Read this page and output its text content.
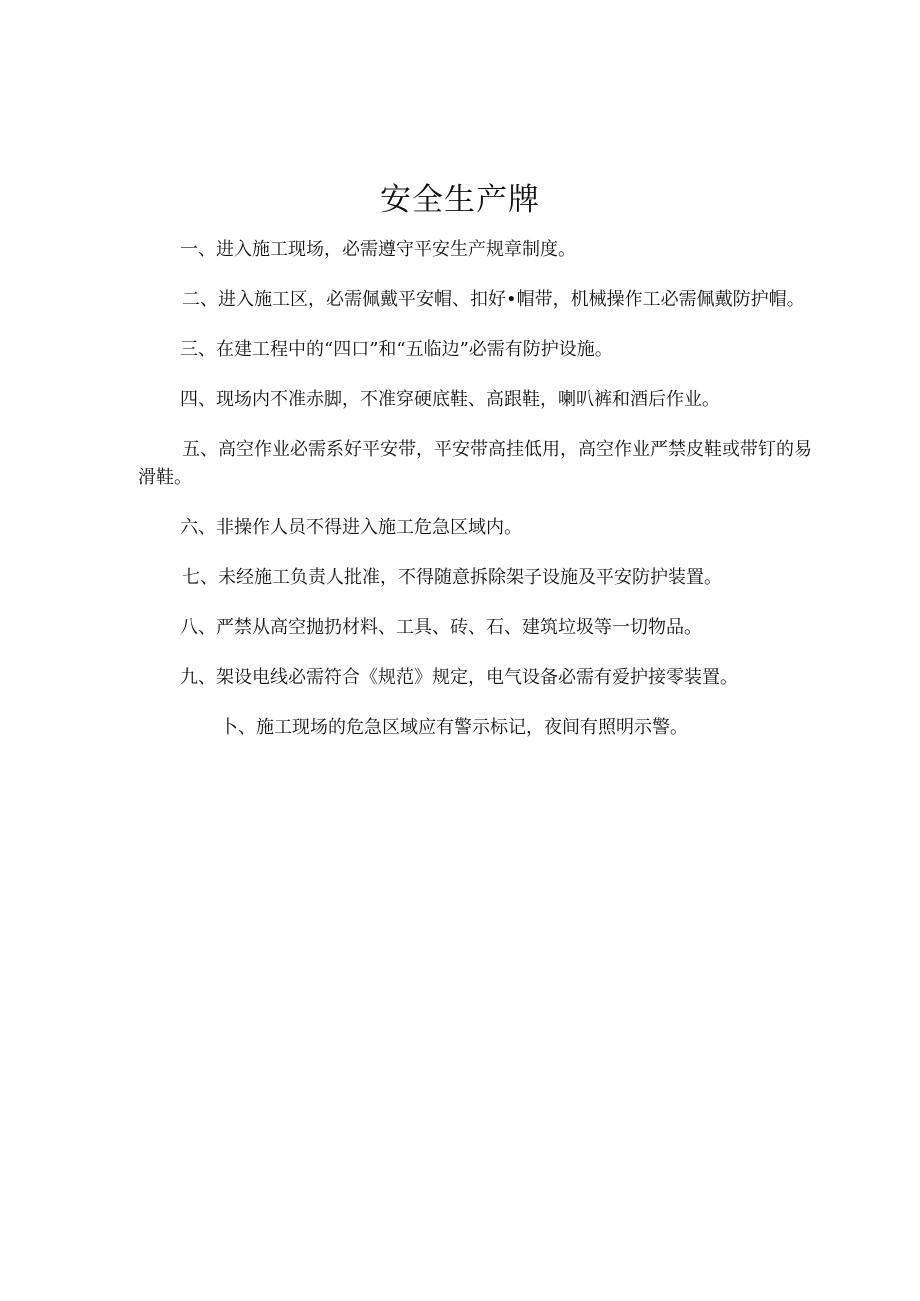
安全生产牌
一、进入施工现场，必需遵守平安生产规章制度。
二、进入施工区，必需佩戴平安帽、扣好•帽带，机械操作工必需佩戴防护帽。
三、在建工程中的“四口”和“五临边”必需有防护设施。
四、现场内不准赤脚，不准穿硬底鞋、高跟鞋，喇叭裤和酒后作业。
五、高空作业必需系好平安带，平安带高挂低用，高空作业严禁皮鞋或带钉的易滑鞋。
六、非操作人员不得进入施工危急区域内。
七、未经施工负责人批准，不得随意拆除架子设施及平安防护装置。
八、严禁从高空抛扔材料、工具、砖、石、建筑垃圾等一切物品。
九、架设电线必需符合《规范》规定，电气设备必需有爱护接零装置。
卜、施工现场的危急区域应有警示标记，夜间有照明示警。
